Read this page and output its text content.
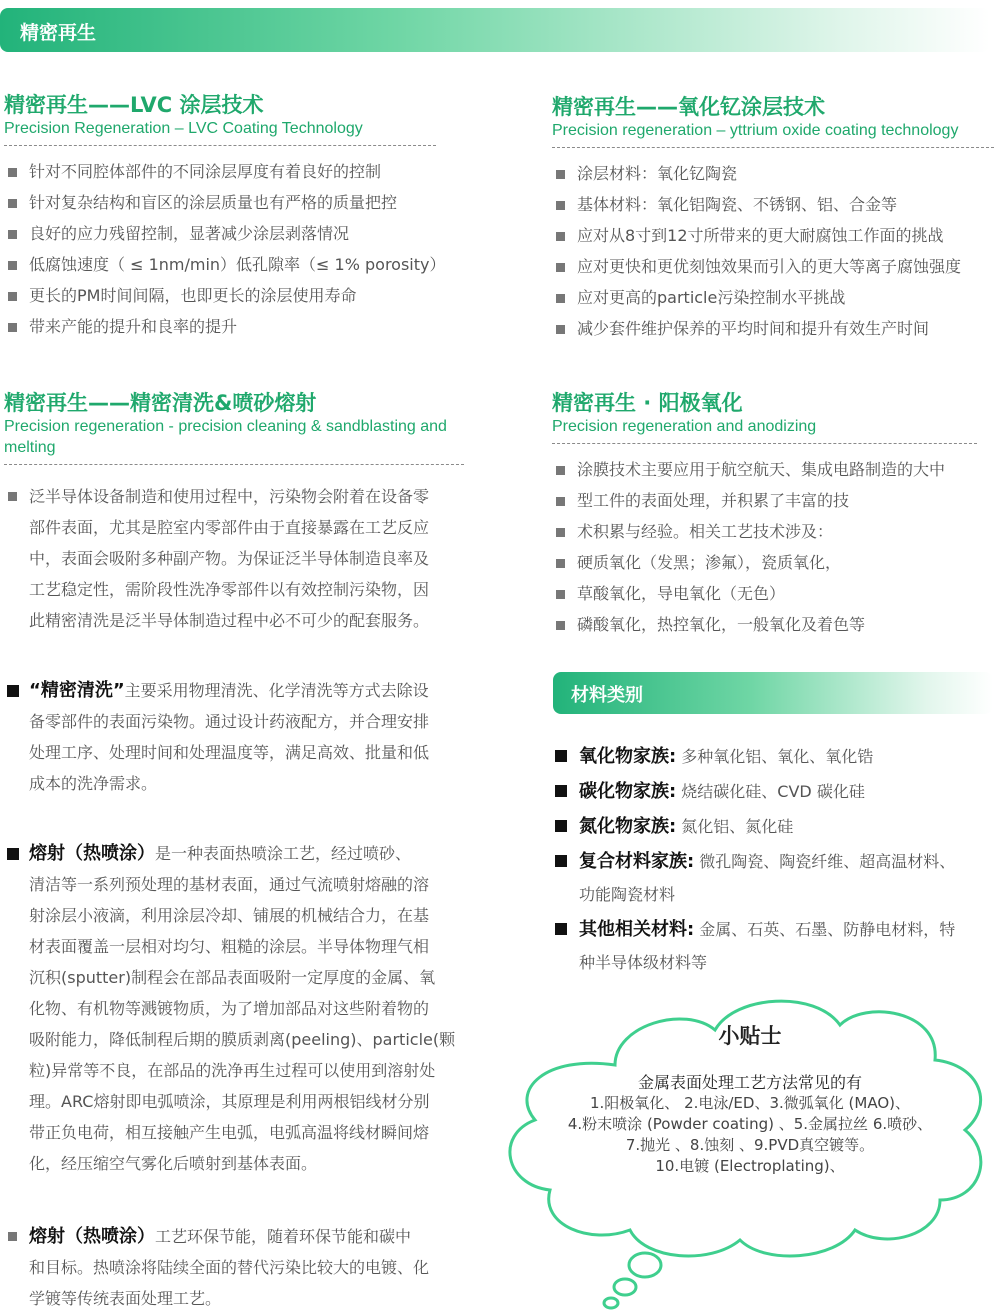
精密再生
精密再生——LVC 涂层技术
Precision Regeneration – LVC Coating Technology
针对不同腔体部件的不同涂层厚度有着良好的控制
针对复杂结构和盲区的涂层质量也有严格的质量把控
良好的应力残留控制，显著减少涂层剥落情况
低腐蚀速度（ ≤ 1nm/min）低孔隙率（≤ 1% porosity）
更长的PM时间间隔，也即更长的涂层使用寿命
带来产能的提升和良率的提升
精密再生——氧化钇涂层技术
Precision regeneration – yttrium oxide coating technology
涂层材料：氧化钇陶瓷
基体材料：氧化铝陶瓷、不锈钢、铝、合金等
应对从8寸到12寸所带来的更大耐腐蚀工作面的挑战
应对更快和更优刻蚀效果而引入的更大等离子腐蚀强度
应对更高的particle污染控制水平挑战
减少套件维护保养的平均时间和提升有效生产时间
精密再生——精密清洗&喷砂熔射
Precision regeneration - precision cleaning & sandblasting and melting
泛半导体设备制造和使用过程中，污染物会附着在设备零
部件表面，尤其是腔室内零部件由于直接暴露在工艺反应
中，表面会吸附多种副产物。为保证泛半导体制造良率及
工艺稳定性，需阶段性洗净零部件以有效控制污染物，因
此精密清洗是泛半导体制造过程中必不可少的配套服务。
“精密清洗”主要采用物理清洗、化学清洗等方式去除设
备零部件的表面污染物。通过设计药液配方，并合理安排
处理工序、处理时间和处理温度等，满足高效、批量和低
成本的洗净需求。
熔射（热喷涂）是一种表面热喷涂工艺，经过喷砂、
清洁等一系列预处理的基材表面，通过气流喷射熔融的溶
射涂层小液滴，利用涂层冷却、铺展的机械结合力，在基
材表面覆盖一层相对均匀、粗糙的涂层。半导体物理气相
沉积(sputter)制程会在部品表面吸附一定厚度的金属、氧
化物、有机物等溅镀物质，为了增加部品对这些附着物的
吸附能力，降低制程后期的膜质剥离(peeling)、particle(颗
粒)异常等不良，在部品的洗净再生过程可以使用到溶射处
理。ARC熔射即电弧喷涂，其原理是利用两根铝线材分别
带正负电荷，相互接触产生电弧，电弧高温将线材瞬间熔
化，经压缩空气雾化后喷射到基体表面。
熔射（热喷涂）工艺环保节能，随着环保节能和碳中
和目标。热喷涂将陆续全面的替代污染比较大的电镀、化
学镀等传统表面处理工艺。
精密再生 · 阳极氧化
Precision regeneration and anodizing
涂膜技术主要应用于航空航天、集成电路制造的大中
型工件的表面处理，并积累了丰富的技
术积累与经验。相关工艺技术涉及：
硬质氧化（发黑；渗氟），瓷质氧化，
草酸氧化，导电氧化（无色）
磷酸氧化，热控氧化，一般氧化及着色等
材料类别
氧化物家族: 多种氧化铝、氧化、氧化锆
碳化物家族: 烧结碳化硅、CVD 碳化硅
氮化物家族: 氮化铝、氮化硅
复合材料家族: 微孔陶瓷、陶瓷纤维、超高温材料、
功能陶瓷材料
其他相关材料: 金属、石英、石墨、防静电材料，特
种半导体级材料等
小贴士
金属表面处理工艺方法常见的有
1.阳极氧化、 2.电泳/ED、3.微弧氧化 (MAO)、
4.粉末喷涂 (Powder coating) 、5.金属拉丝 6.喷砂、
7.抛光 、8.蚀刻 、9.PVD真空镀等。
10.电镀 (Electroplating)、
